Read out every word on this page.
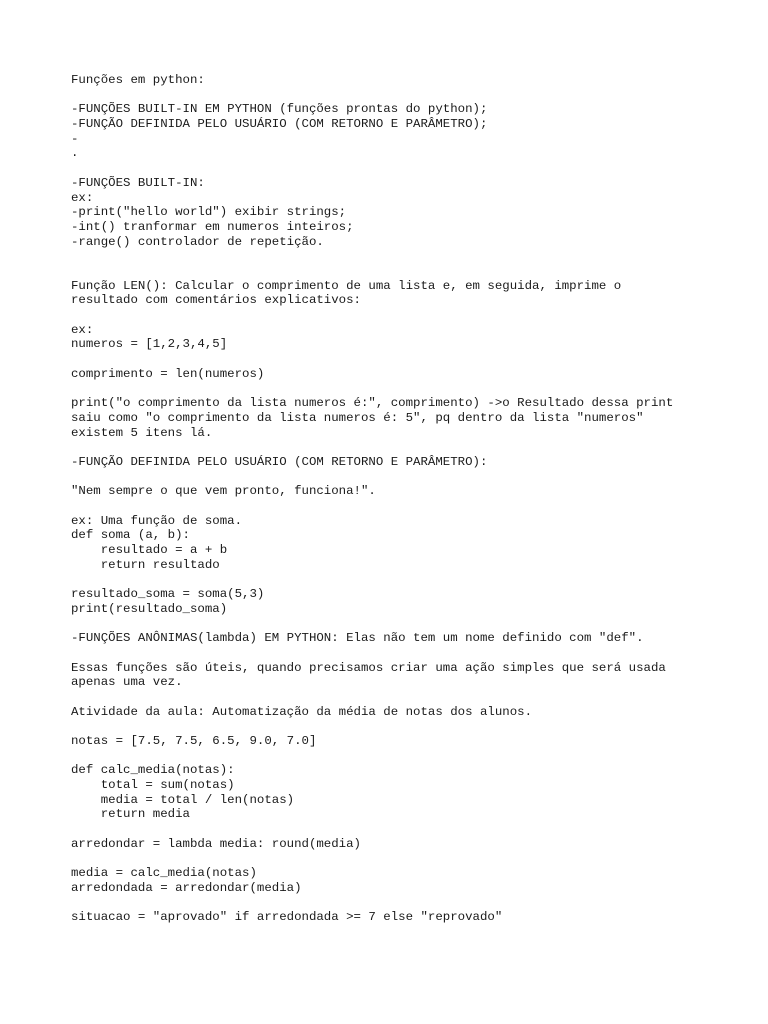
Funções em python:
-FUNÇÕES BUILT-IN EM PYTHON (funções prontas do python);
-FUNÇÃO DEFINIDA PELO USUÁRIO (COM RETORNO E PARÂMETRO);
-
.
-FUNÇÕES BUILT-IN:
ex:
-print("hello world") exibir strings;
-int() tranformar em numeros inteiros;
-range() controlador de repetição.
Função LEN(): Calcular o comprimento de uma lista e, em seguida, imprime o
resultado com comentários explicativos:
ex:
numeros = [1,2,3,4,5]
comprimento = len(numeros)
print("o comprimento da lista numeros é:", comprimento) ->o Resultado dessa print
saiu como "o comprimento da lista numeros é: 5", pq dentro da lista "numeros"
existem 5 itens lá.
-FUNÇÃO DEFINIDA PELO USUÁRIO (COM RETORNO E PARÂMETRO):
"Nem sempre o que vem pronto, funciona!".
ex: Uma função de soma.
def soma (a, b):
resultado = a + b
return resultado
resultado_soma = soma(5,3)
print(resultado_soma)
-FUNÇÕES ANÔNIMAS(lambda) EM PYTHON: Elas não tem um nome definido com "def".
Essas funções são úteis, quando precisamos criar uma ação simples que será usada
apenas uma vez.
Atividade da aula: Automatização da média de notas dos alunos.
notas = [7.5, 7.5, 6.5, 9.0, 7.0]
def calc_media(notas):
total = sum(notas)
media = total / len(notas)
return media
arredondar = lambda media: round(media)
media = calc_media(notas)
arredondada = arredondar(media)
situacao = "aprovado" if arredondada >= 7 else "reprovado"
